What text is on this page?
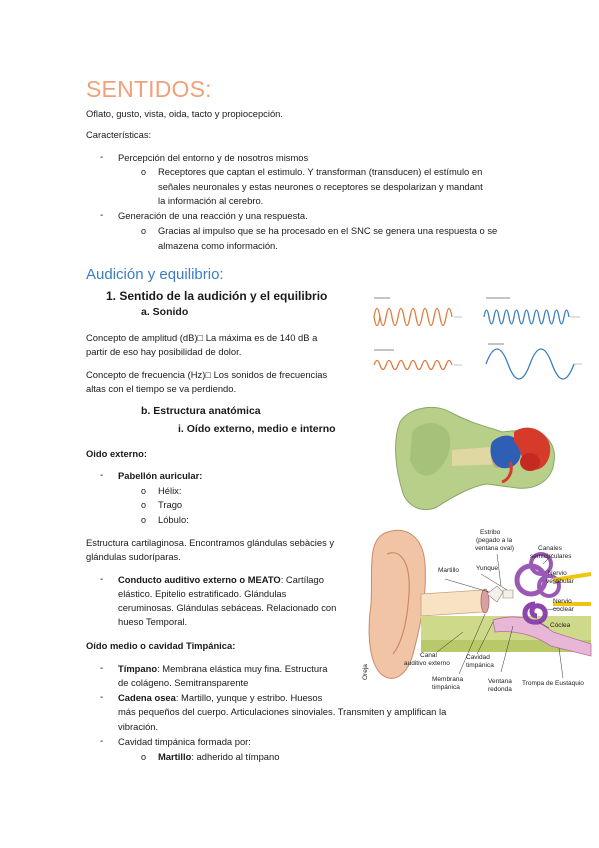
SENTIDOS:
Oflato, gusto, vista, oida, tacto y propiocepción.
Características:
- Percepción del entorno y de nosotros mismos
o Receptores que captan el estimulo. Y transforman (transducen) el estímulo en
señales neuronales y estas neurones o receptores se despolarizan y mandant
la información al cerebro.
- Generación de una reacción y una respuesta.
o Gracias al impulso que se ha procesado en el SNC se genera una respuesta o se
almazena como información.
Audición y equilibrio:
1. Sentido de la audición y el equilibrio
a. Sonido
Concepto de amplitud (dB)□ La máxima es de 140 dB a
partir de eso hay posibilidad de dolor.
Concepto de frecuencia (Hz)□ Los sonidos de frecuencias
altas con el tiempo se va perdiendo.
b. Estructura anatómica
i. Oído externo, medio e interno
Oido externo:
- Pabellón auricular:
o Hélix:
o Trago
o Lóbulo:
Estructura cartilaginosa. Encontramos glándulas sebàcies y
glándulas sudoríparas.
- Conducto auditivo externo o MEATO: Cartílago
elástico. Epitelio estratificado. Glándulas
ceruminosas. Glándulas sebáceas. Relacionado con
hueso Temporal.
Oído medio o cavidad Timpánica:
- Tímpano: Membrana elástica muy fina. Estructura
de colágeno. Semitransparente
- Cadena osea: Martillo, yunque y estribo. Huesos
más pequeños del cuerpo. Articulaciones sinoviales. Transmiten y amplifican la
vibración.
- Cavidad timpánica formada por:
o Martillo: adherido al tímpano
Estribo
(pegado a la
ventana oval)	Canales
semicirculares
Martillo	Yunque
Nervio
vestibular
Nervio
coclear
Cóclea
Canal
auditivo externo
Cavidad
timpánica
Membrana
timpánica
Ventana
redonda
Trompa de Eustaquio
Oreja
